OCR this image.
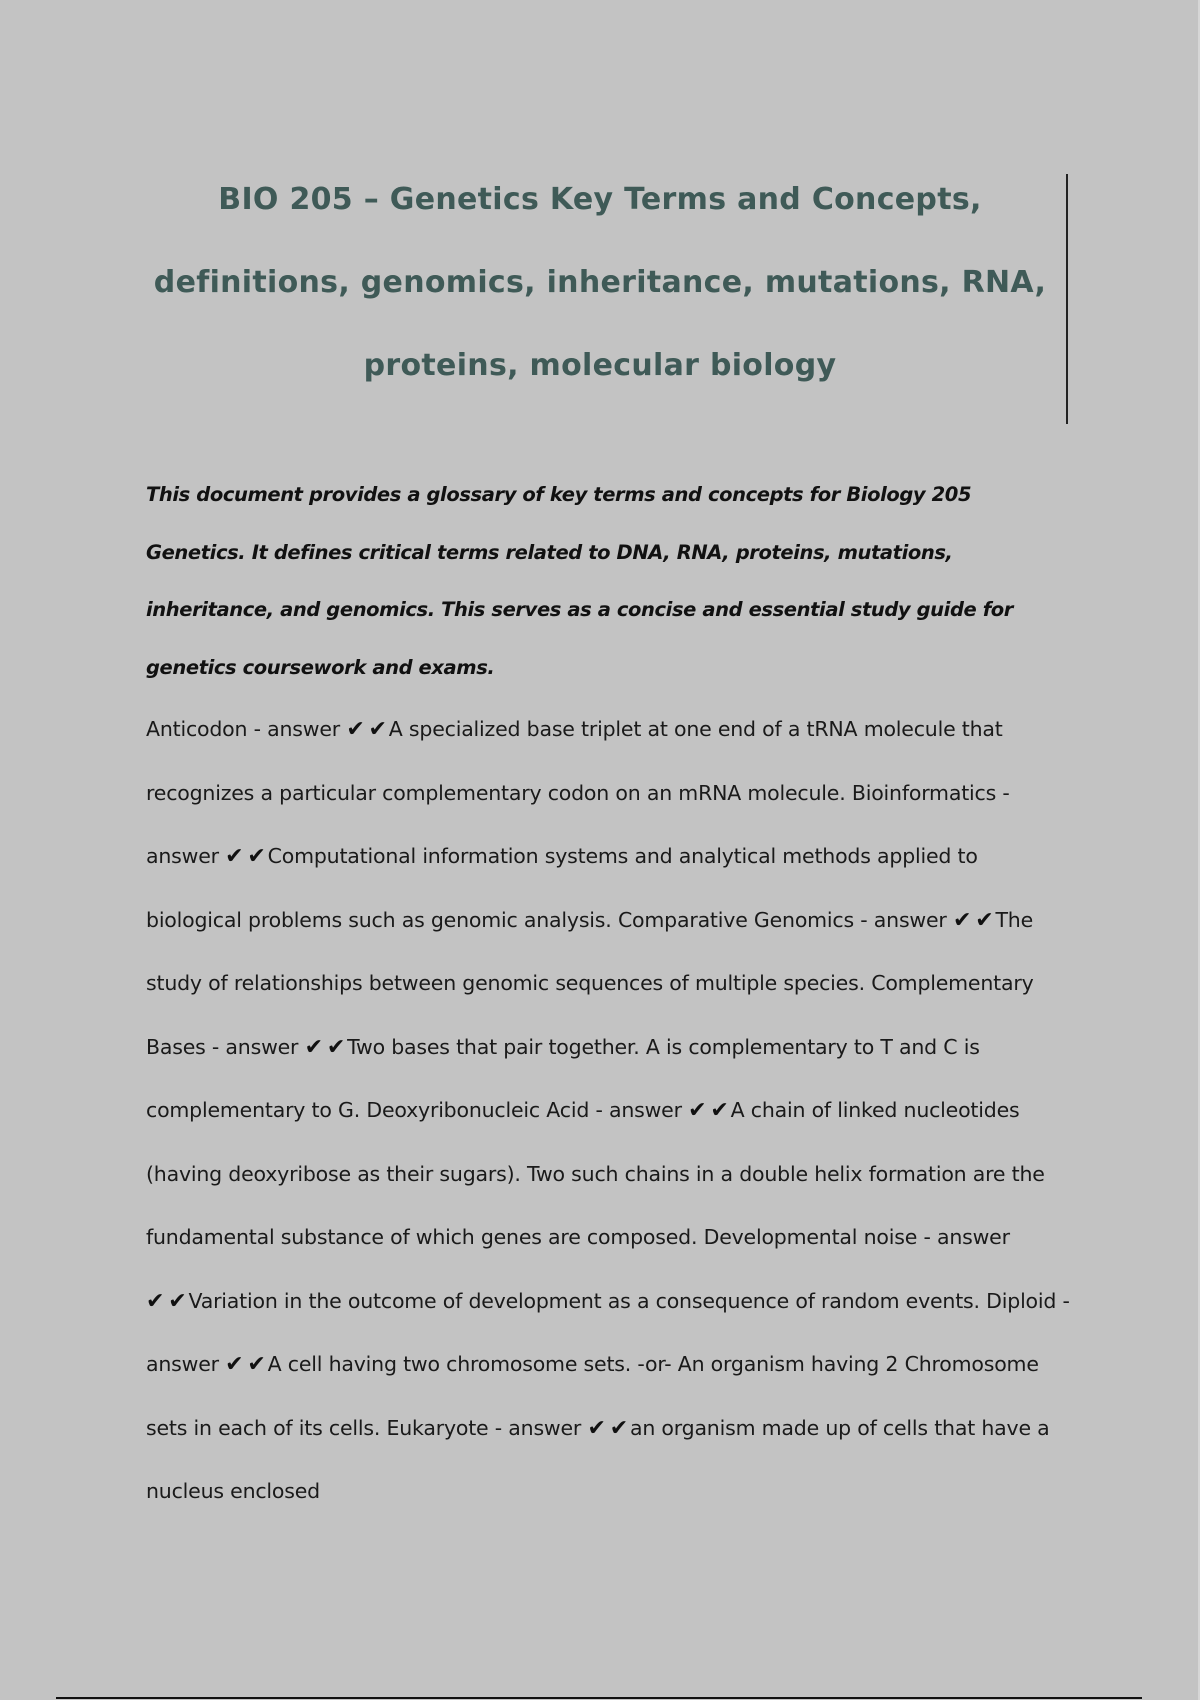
BIO 205 – Genetics Key Terms and Concepts, definitions, genomics, inheritance, mutations, RNA, proteins, molecular biology

This document provides a glossary of key terms and concepts for Biology 205 Genetics. It defines critical terms related to DNA, RNA, proteins, mutations, inheritance, and genomics. This serves as a concise and essential study guide for genetics coursework and exams.

Anticodon - answer ✔ ✔A specialized base triplet at one end of a tRNA molecule that recognizes a particular complementary codon on an mRNA molecule. Bioinformatics - answer ✔ ✔Computational information systems and analytical methods applied to biological problems such as genomic analysis. Comparative Genomics - answer ✔ ✔The study of relationships between genomic sequences of multiple species. Complementary Bases - answer ✔ ✔Two bases that pair together. A is complementary to T and C is complementary to G. Deoxyribonucleic Acid - answer ✔ ✔A chain of linked nucleotides (having deoxyribose as their sugars). Two such chains in a double helix formation are the fundamental substance of which genes are composed. Developmental noise - answer ✔ ✔Variation in the outcome of development as a consequence of random events. Diploid - answer ✔ ✔A cell having two chromosome sets. -or- An organism having 2 Chromosome sets in each of its cells. Eukaryote - answer ✔ ✔an organism made up of cells that have a nucleus enclosed
